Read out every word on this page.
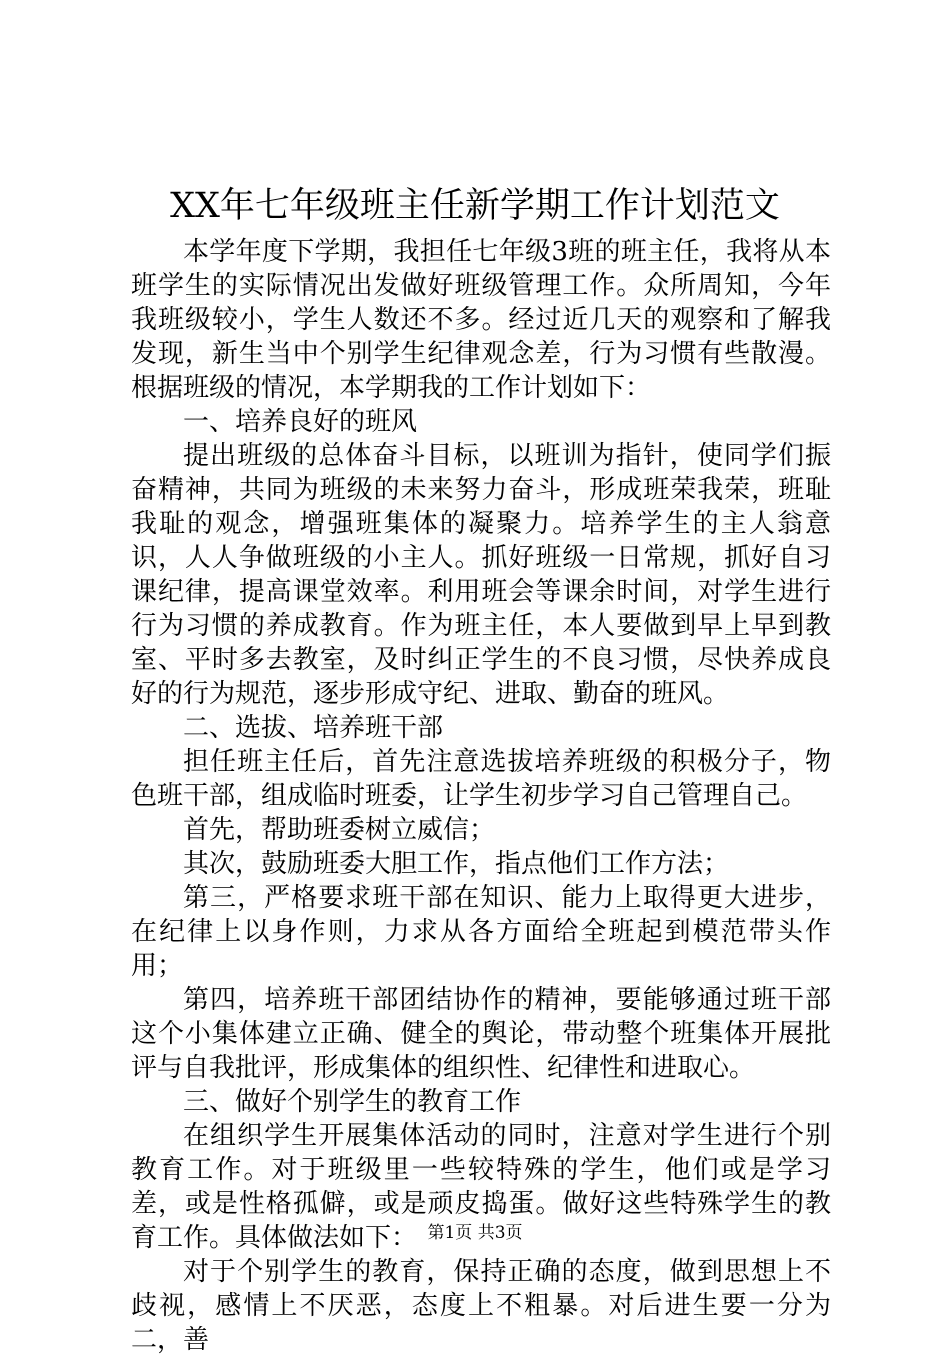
XX年七年级班主任新学期工作计划范文

本学年度下学期，我担任七年级3班的班主任，我将从本班学生的实际情况出发做好班级管理工作。众所周知，今年我班级较小，学生人数还不多。经过近几天的观察和了解我发现，新生当中个别学生纪律观念差，行为习惯有些散漫。根据班级的情况，本学期我的工作计划如下：

一、培养良好的班风

提出班级的总体奋斗目标，以班训为指针，使同学们振奋精神，共同为班级的未来努力奋斗，形成班荣我荣，班耻我耻的观念，增强班集体的凝聚力。培养学生的主人翁意识，人人争做班级的小主人。抓好班级一日常规，抓好自习课纪律，提高课堂效率。利用班会等课余时间，对学生进行行为习惯的养成教育。作为班主任，本人要做到早上早到教室、平时多去教室，及时纠正学生的不良习惯，尽快养成良好的行为规范，逐步形成守纪、进取、勤奋的班风。

二、选拔、培养班干部

担任班主任后，首先注意选拔培养班级的积极分子，物色班干部，组成临时班委，让学生初步学习自己管理自己。

首先，帮助班委树立威信；

其次，鼓励班委大胆工作，指点他们工作方法；

第三，严格要求班干部在知识、能力上取得更大进步，在纪律上以身作则，力求从各方面给全班起到模范带头作用；

第四，培养班干部团结协作的精神，要能够通过班干部这个小集体建立正确、健全的舆论，带动整个班集体开展批评与自我批评，形成集体的组织性、纪律性和进取心。

三、做好个别学生的教育工作

在组织学生开展集体活动的同时，注意对学生进行个别教育工作。对于班级里一些较特殊的学生，他们或是学习差，或是性格孤僻，或是顽皮捣蛋。做好这些特殊学生的教育工作。具体做法如下：

对于个别学生的教育，保持正确的态度，做到思想上不歧视，感情上不厌恶，态度上不粗暴。对后进生要一分为二，善

第1页 共3页
